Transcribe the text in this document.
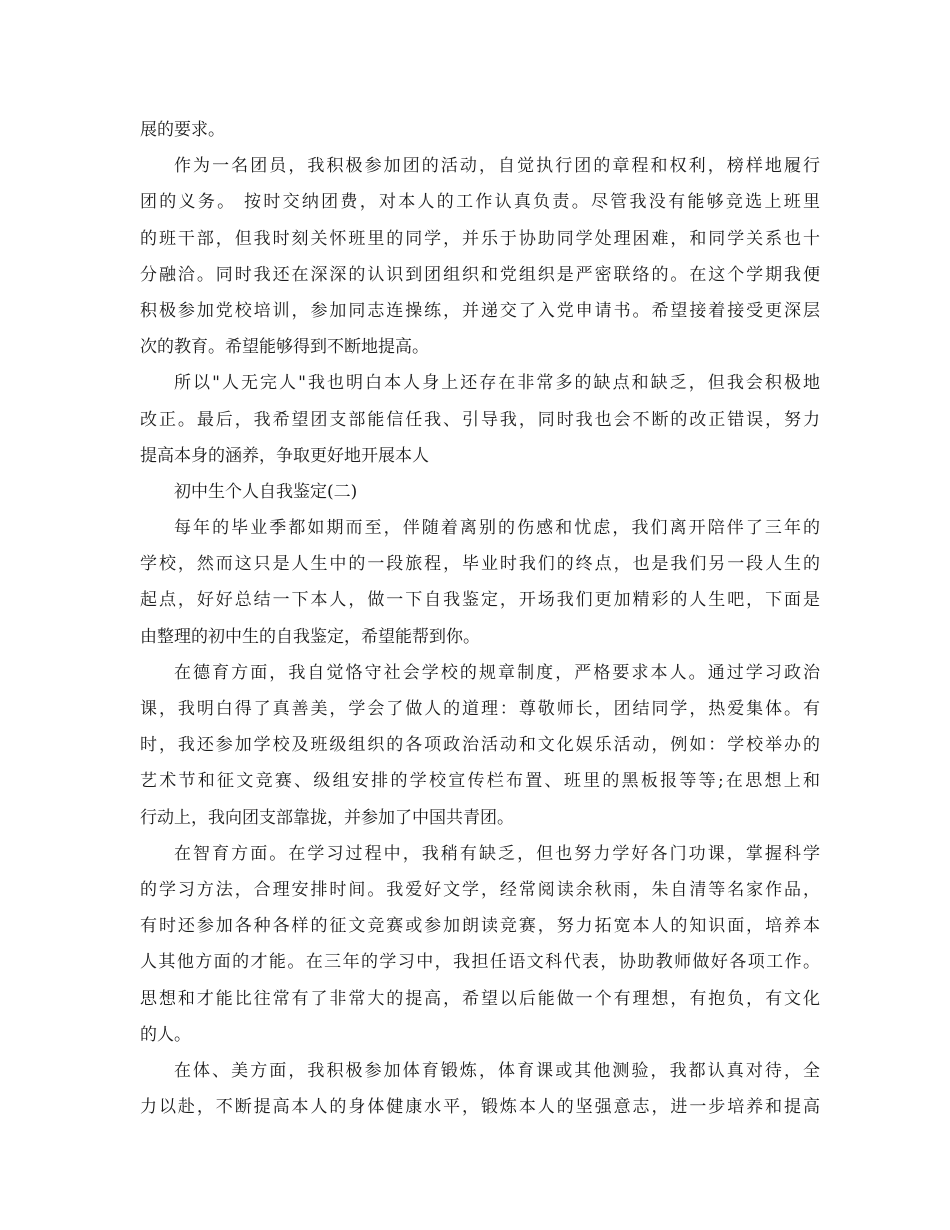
展的要求。
作为一名团员，我积极参加团的活动，自觉执行团的章程和权利，榜样地履行
团的义务。 按时交纳团费，对本人的工作认真负责。尽管我没有能够竞选上班里
的班干部，但我时刻关怀班里的同学，并乐于协助同学处理困难，和同学关系也十
分融洽。同时我还在深深的认识到团组织和党组织是严密联络的。在这个学期我便
积极参加党校培训，参加同志连操练，并递交了入党申请书。希望接着接受更深层
次的教育。希望能够得到不断地提高。
所以"人无完人"我也明白本人身上还存在非常多的缺点和缺乏，但我会积极地
改正。最后，我希望团支部能信任我、引导我，同时我也会不断的改正错误，努力
提高本身的涵养，争取更好地开展本人
初中生个人自我鉴定(二)
每年的毕业季都如期而至，伴随着离别的伤感和忧虑，我们离开陪伴了三年的
学校，然而这只是人生中的一段旅程，毕业时我们的终点，也是我们另一段人生的
起点，好好总结一下本人，做一下自我鉴定，开场我们更加精彩的人生吧，下面是
由整理的初中生的自我鉴定，希望能帮到你。
在德育方面，我自觉恪守社会学校的规章制度，严格要求本人。通过学习政治
课，我明白得了真善美，学会了做人的道理：尊敬师长，团结同学，热爱集体。有
时，我还参加学校及班级组织的各项政治活动和文化娱乐活动，例如：学校举办的
艺术节和征文竞赛、级组安排的学校宣传栏布置、班里的黑板报等等;在思想上和
行动上，我向团支部靠拢，并参加了中国共青团。
在智育方面。在学习过程中，我稍有缺乏，但也努力学好各门功课，掌握科学
的学习方法，合理安排时间。我爱好文学，经常阅读余秋雨，朱自清等名家作品，
有时还参加各种各样的征文竞赛或参加朗读竞赛，努力拓宽本人的知识面，培养本
人其他方面的才能。在三年的学习中，我担任语文科代表，协助教师做好各项工作。
思想和才能比往常有了非常大的提高，希望以后能做一个有理想，有抱负，有文化
的人。
在体、美方面，我积极参加体育锻炼，体育课或其他测验，我都认真对待，全
力以赴，不断提高本人的身体健康水平，锻炼本人的坚强意志，进一步培养和提高
